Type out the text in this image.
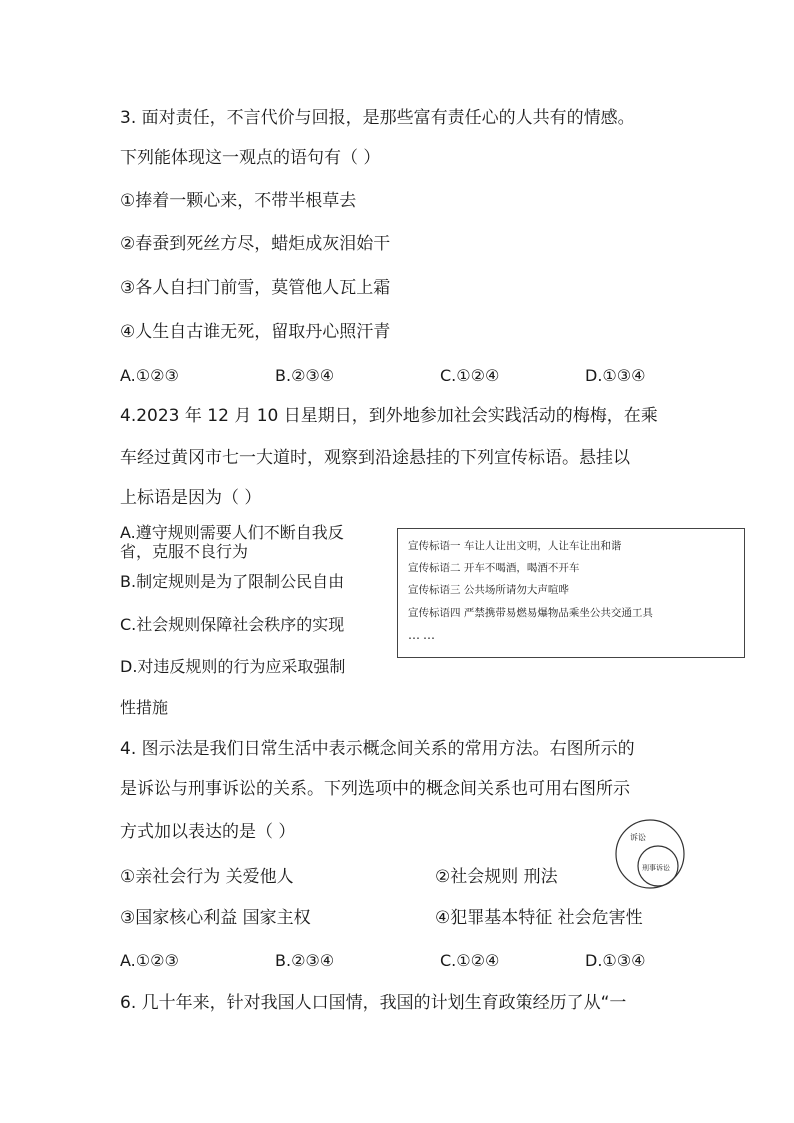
3. 面对责任，不言代价与回报，是那些富有责任心的人共有的情感。
下列能体现这一观点的语句有（ ）
①捧着一颗心来，不带半根草去
②春蚕到死丝方尽，蜡炬成灰泪始干
③各人自扫门前雪，莫管他人瓦上霜
④人生自古谁无死，留取丹心照汗青
A.①②③	B.②③④	C.①②④	D.①③④
4.2023 年 12 月 10 日星期日，到外地参加社会实践活动的梅梅，在乘
车经过黄冈市七一大道时，观察到沿途悬挂的下列宣传标语。悬挂以
上标语是因为（ ）
A.遵守规则需要人们不断自我反
省，克服不良行为
B.制定规则是为了限制公民自由
C.社会规则保障社会秩序的实现
D.对违反规则的行为应采取强制
性措施
宣传标语一 车让人让出文明，人让车让出和谐
宣传标语二 开车不喝酒，喝酒不开车
宣传标语三 公共场所请勿大声喧哗
宣传标语四 严禁携带易燃易爆物品乘坐公共交通工具
……
4. 图示法是我们日常生活中表示概念间关系的常用方法。右图所示的
是诉讼与刑事诉讼的关系。下列选项中的概念间关系也可用右图所示
方式加以表达的是（ ）	诉讼
刑事诉讼
①亲社会行为 关爱他人	②社会规则 刑法
③国家核心利益 国家主权	④犯罪基本特征 社会危害性
A.①②③	B.②③④	C.①②④	D.①③④
6. 几十年来，针对我国人口国情，我国的计划生育政策经历了从“一
